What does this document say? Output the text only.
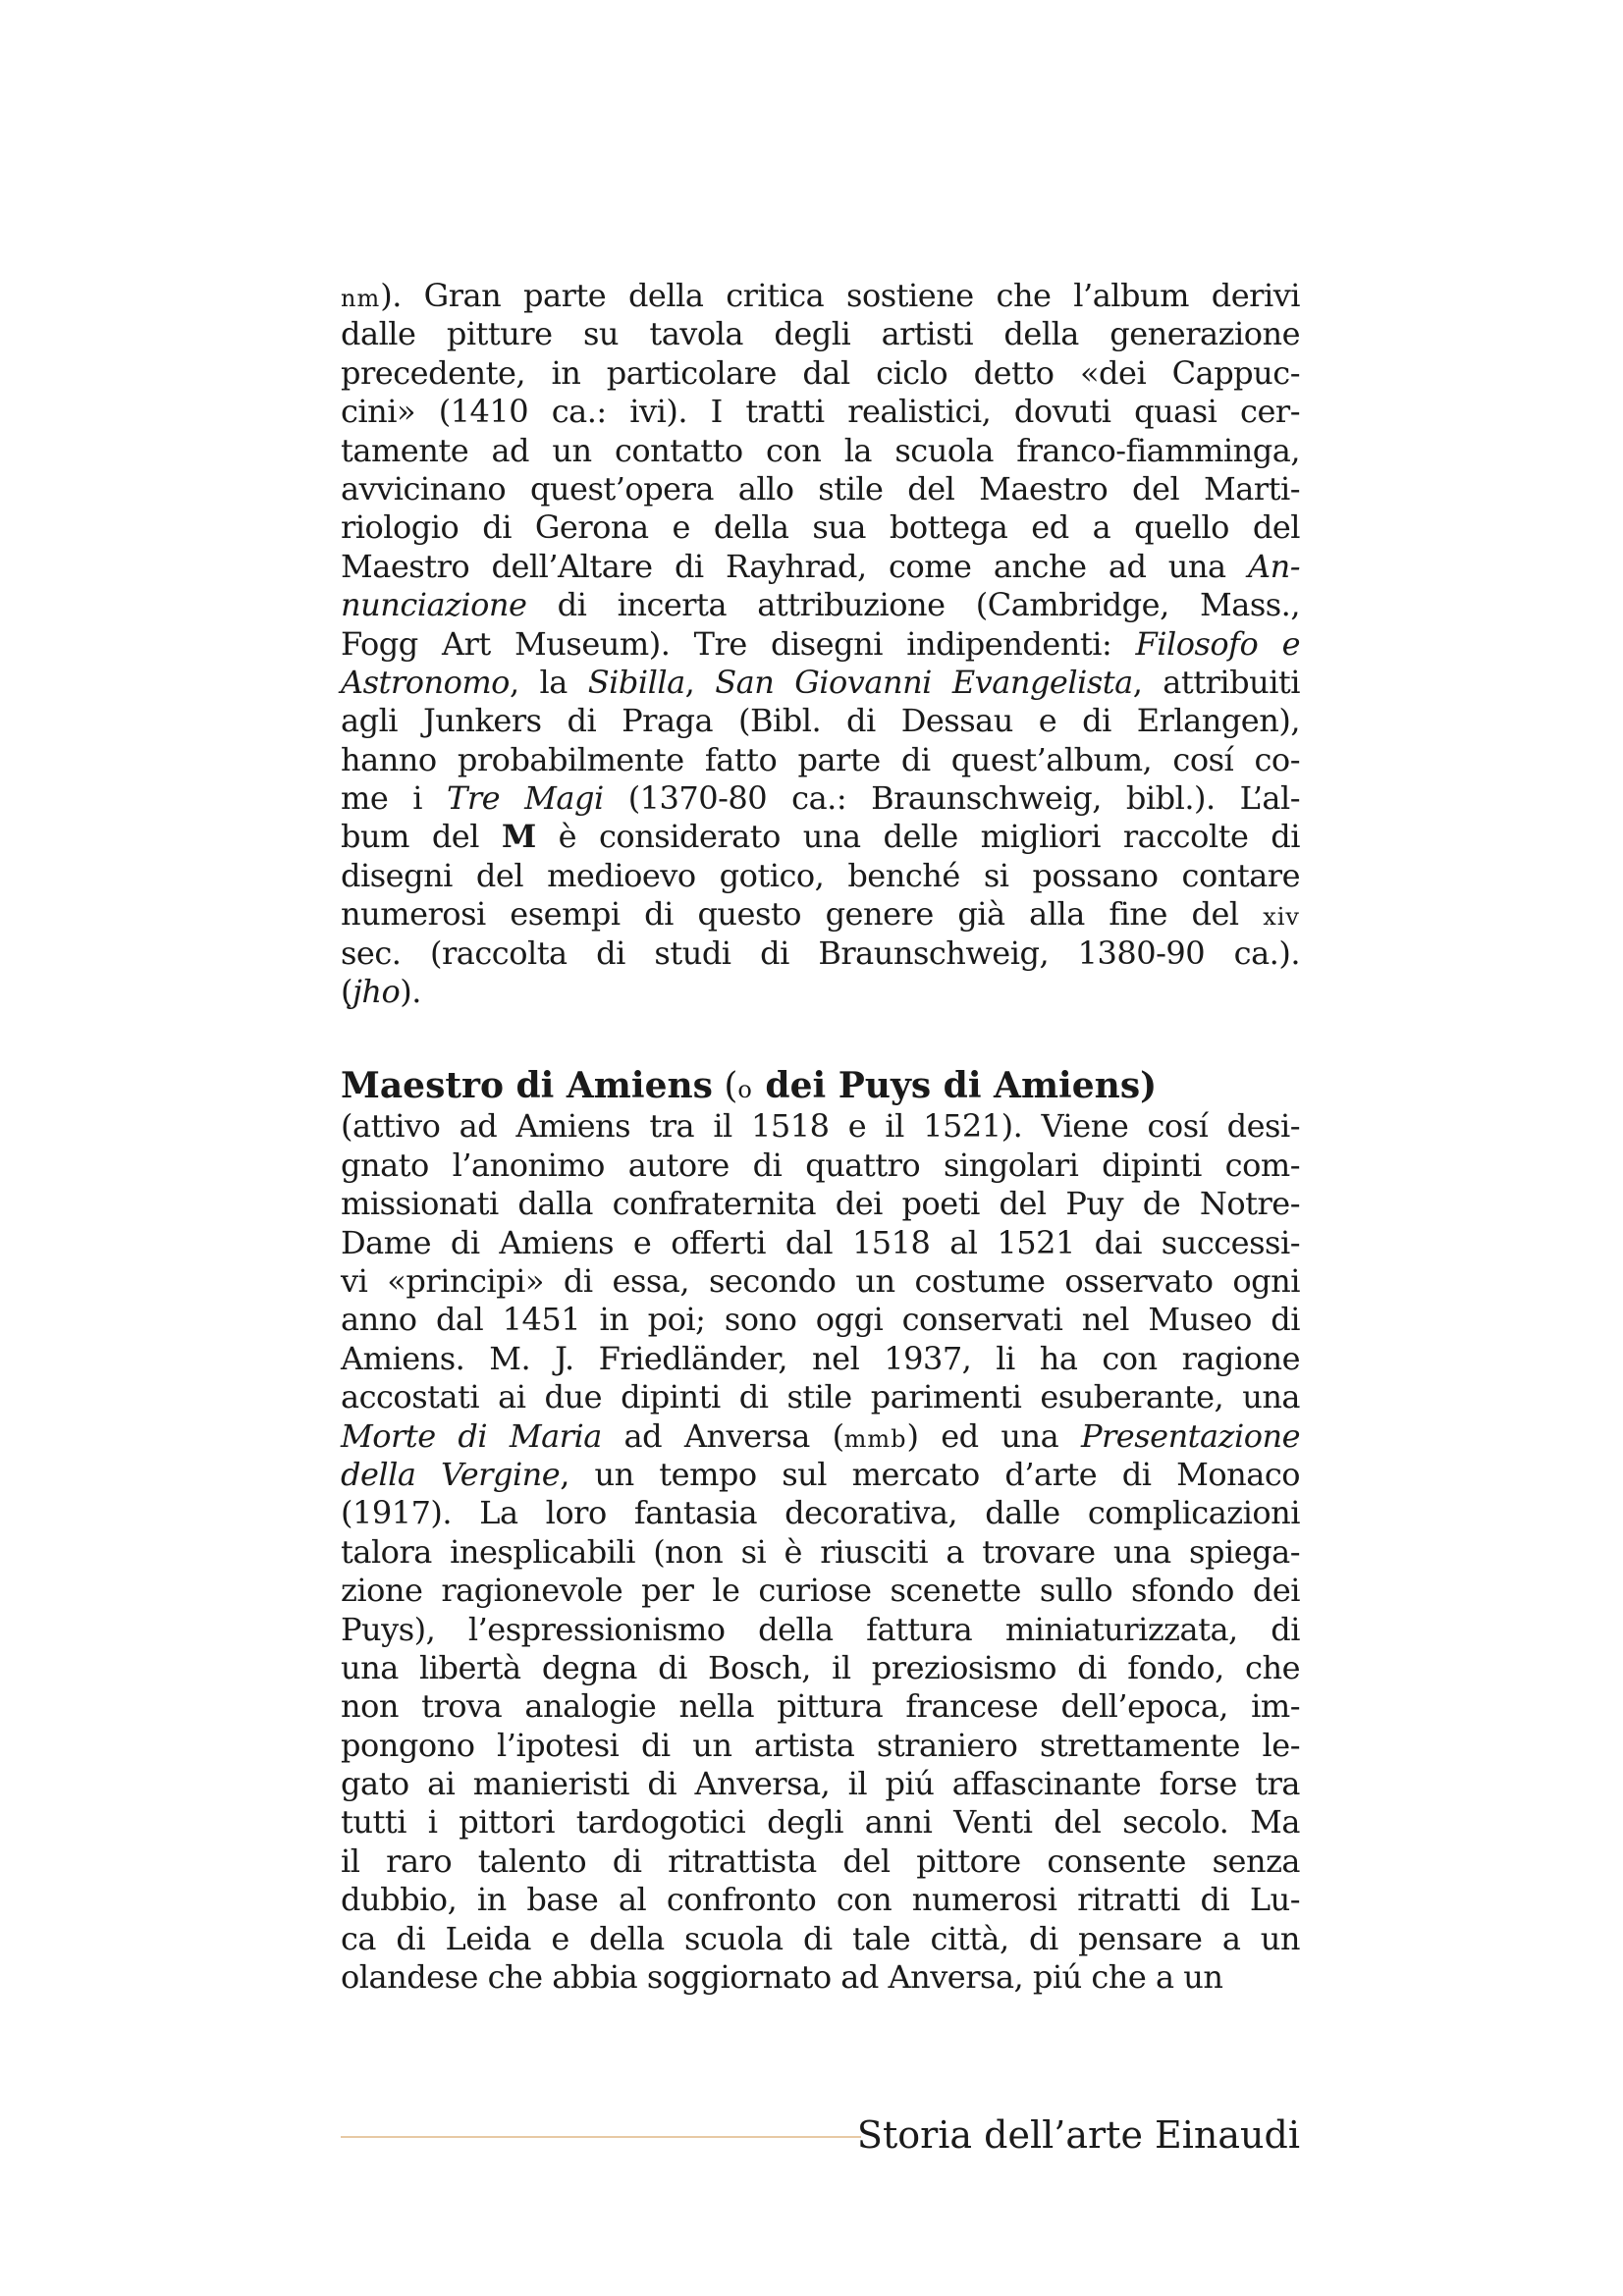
nm). Gran parte della critica sostiene che l’album derivi
dalle pitture su tavola degli artisti della generazione
precedente, in particolare dal ciclo detto «dei Cappuc-
cini» (1410 ca.: ivi). I tratti realistici, dovuti quasi cer-
tamente ad un contatto con la scuola franco-fiamminga,
avvicinano quest’opera allo stile del Maestro del Marti-
riologio di Gerona e della sua bottega ed a quello del
Maestro dell’Altare di Rayhrad, come anche ad una An-
nunciazione di incerta attribuzione (Cambridge, Mass.,
Fogg Art Museum). Tre disegni indipendenti: Filosofo e
Astronomo, la Sibilla, San Giovanni Evangelista, attribuiti
agli Junkers di Praga (Bibl. di Dessau e di Erlangen),
hanno probabilmente fatto parte di quest’album, cosí co-
me i Tre Magi (1370-80 ca.: Braunschweig, bibl.). L’al-
bum del M è considerato una delle migliori raccolte di
disegni del medioevo gotico, benché si possano contare
numerosi esempi di questo genere già alla fine del xiv
sec. (raccolta di studi di Braunschweig, 1380-90 ca.).
(jho).
Maestro di Amiens (o dei Puys di Amiens)
(attivo ad Amiens tra il 1518 e il 1521). Viene cosí desi-
gnato l’anonimo autore di quattro singolari dipinti com-
missionati dalla confraternita dei poeti del Puy de Notre-
Dame di Amiens e offerti dal 1518 al 1521 dai successi-
vi «principi» di essa, secondo un costume osservato ogni
anno dal 1451 in poi; sono oggi conservati nel Museo di
Amiens. M. J. Friedländer, nel 1937, li ha con ragione
accostati ai due dipinti di stile parimenti esuberante, una
Morte di Maria ad Anversa (mmb) ed una Presentazione
della Vergine, un tempo sul mercato d’arte di Monaco
(1917). La loro fantasia decorativa, dalle complicazioni
talora inesplicabili (non si è riusciti a trovare una spiega-
zione ragionevole per le curiose scenette sullo sfondo dei
Puys), l’espressionismo della fattura miniaturizzata, di
una libertà degna di Bosch, il preziosismo di fondo, che
non trova analogie nella pittura francese dell’epoca, im-
pongono l’ipotesi di un artista straniero strettamente le-
gato ai manieristi di Anversa, il piú affascinante forse tra
tutti i pittori tardogotici degli anni Venti del secolo. Ma
il raro talento di ritrattista del pittore consente senza
dubbio, in base al confronto con numerosi ritratti di Lu-
ca di Leida e della scuola di tale città, di pensare a un
olandese che abbia soggiornato ad Anversa, piú che a un
Storia dell’arte Einaudi
